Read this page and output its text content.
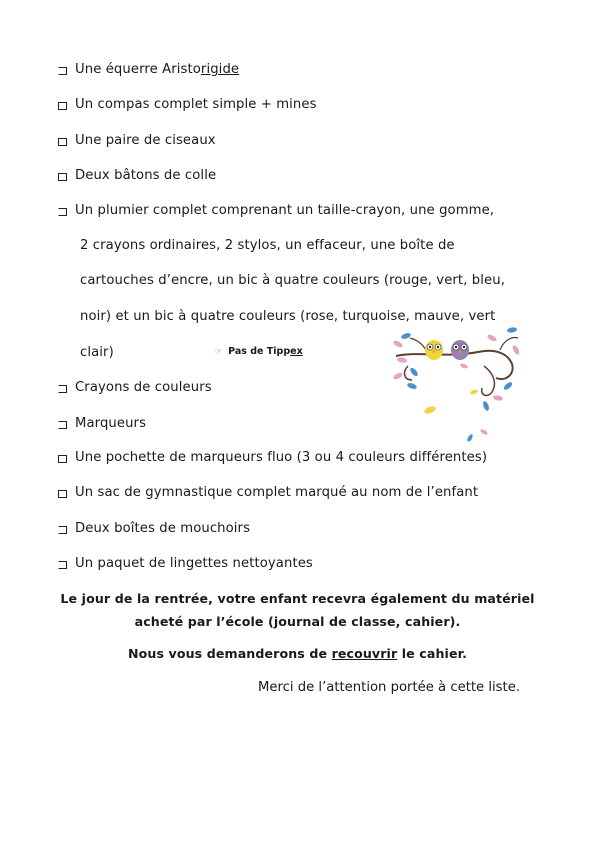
Une équerre Aristo rigide
Un compas complet simple + mines
Une paire de ciseaux
Deux bâtons de colle
Un plumier complet comprenant un taille-crayon, une gomme,
2 crayons ordinaires, 2 stylos, un effaceur, une boîte de
cartouches d’encre, un bic à quatre couleurs (rouge, vert, bleu,
noir) et un bic à quatre couleurs (rose, turquoise, mauve, vert
clair)	☞ Pas de Tippex
Crayons de couleurs
Marqueurs
Une pochette de marqueurs fluo (3 ou 4 couleurs différentes)
Un sac de gymnastique complet marqué au nom de l’enfant
Deux boîtes de mouchoirs
Un paquet de lingettes nettoyantes
Le jour de la rentrée, votre enfant recevra également du matériel
acheté par l’école (journal de classe, cahier).
Nous vous demanderons de recouvrir le cahier.
Merci de l’attention portée à cette liste.
